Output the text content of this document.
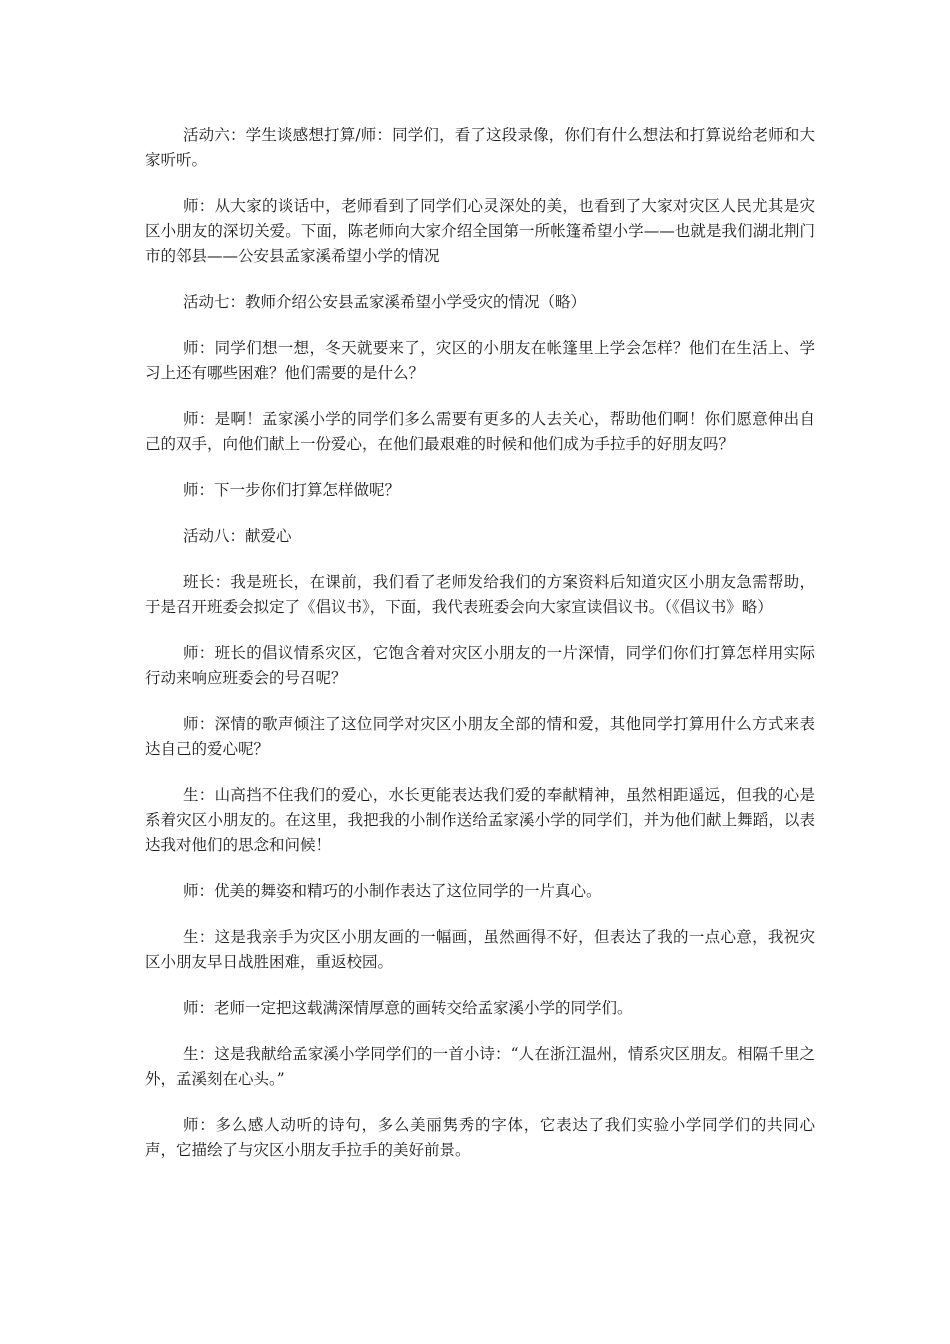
活动六：学生谈感想打算/师：同学们，看了这段录像，你们有什么想法和打算说给老师和大家听听。

师：从大家的谈话中，老师看到了同学们心灵深处的美，也看到了大家对灾区人民尤其是灾区小朋友的深切关爱。下面，陈老师向大家介绍全国第一所帐篷希望小学——也就是我们湖北荆门市的邻县——公安县孟家溪希望小学的情况

活动七：教师介绍公安县孟家溪希望小学受灾的情况（略）

师：同学们想一想，冬天就要来了，灾区的小朋友在帐篷里上学会怎样？他们在生活上、学习上还有哪些困难？他们需要的是什么？

师：是啊！孟家溪小学的同学们多么需要有更多的人去关心，帮助他们啊！你们愿意伸出自己的双手，向他们献上一份爱心，在他们最艰难的时候和他们成为手拉手的好朋友吗？

师：下一步你们打算怎样做呢？

活动八：献爱心

班长：我是班长，在课前，我们看了老师发给我们的方案资料后知道灾区小朋友急需帮助，于是召开班委会拟定了《倡议书》，下面，我代表班委会向大家宣读倡议书。（《倡议书》略）

师：班长的倡议情系灾区，它饱含着对灾区小朋友的一片深情，同学们你们打算怎样用实际行动来响应班委会的号召呢？

师：深情的歌声倾注了这位同学对灾区小朋友全部的情和爱，其他同学打算用什么方式来表达自己的爱心呢？

生：山高挡不住我们的爱心，水长更能表达我们爱的奉献精神，虽然相距遥远，但我的心是系着灾区小朋友的。在这里，我把我的小制作送给孟家溪小学的同学们，并为他们献上舞蹈，以表达我对他们的思念和问候！

师：优美的舞姿和精巧的小制作表达了这位同学的一片真心。

生：这是我亲手为灾区小朋友画的一幅画，虽然画得不好，但表达了我的一点心意，我祝灾区小朋友早日战胜困难，重返校园。

师：老师一定把这载满深情厚意的画转交给孟家溪小学的同学们。

生：这是我献给孟家溪小学同学们的一首小诗：“人在浙江温州，情系灾区朋友。相隔千里之外，孟溪刻在心头。”

师：多么感人动听的诗句，多么美丽隽秀的字体，它表达了我们实验小学同学们的共同心声，它描绘了与灾区小朋友手拉手的美好前景。
